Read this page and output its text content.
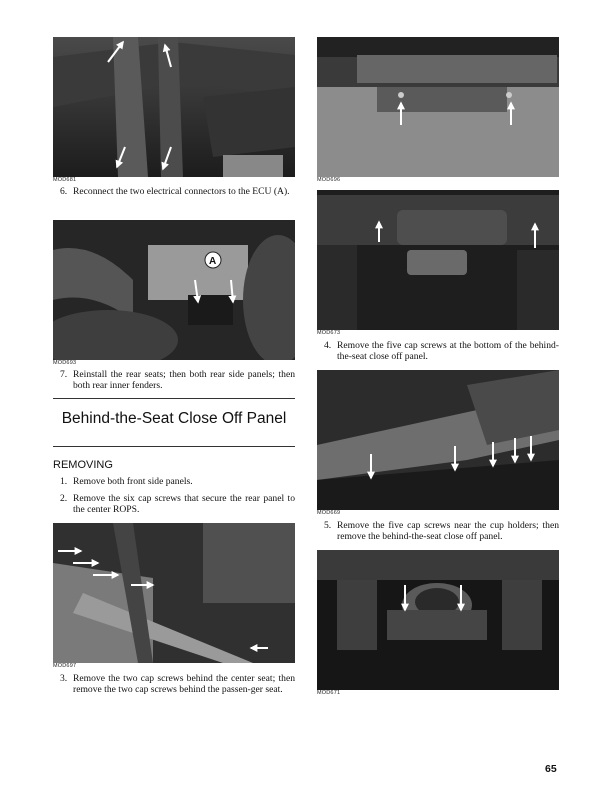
MOD681
6. Reconnect the two electrical connectors to the ECU (A).
A
MOD693
7. Reinstall the rear seats; then both rear side panels; then both rear inner fenders.
Behind-the-Seat Close Off Panel
REMOVING
1. Remove both front side panels.
2. Remove the six cap screws that secure the rear panel to the center ROPS.
MOD697
3. Remove the two cap screws behind the center seat; then remove the two cap screws behind the passen-ger seat.
MOD696
MOD673
4. Remove the five cap screws at the bottom of the behind-the-seat close off panel.
MOD669
5. Remove the five cap screws near the cup holders; then remove the behind-the-seat close off panel.
MOD671
65
